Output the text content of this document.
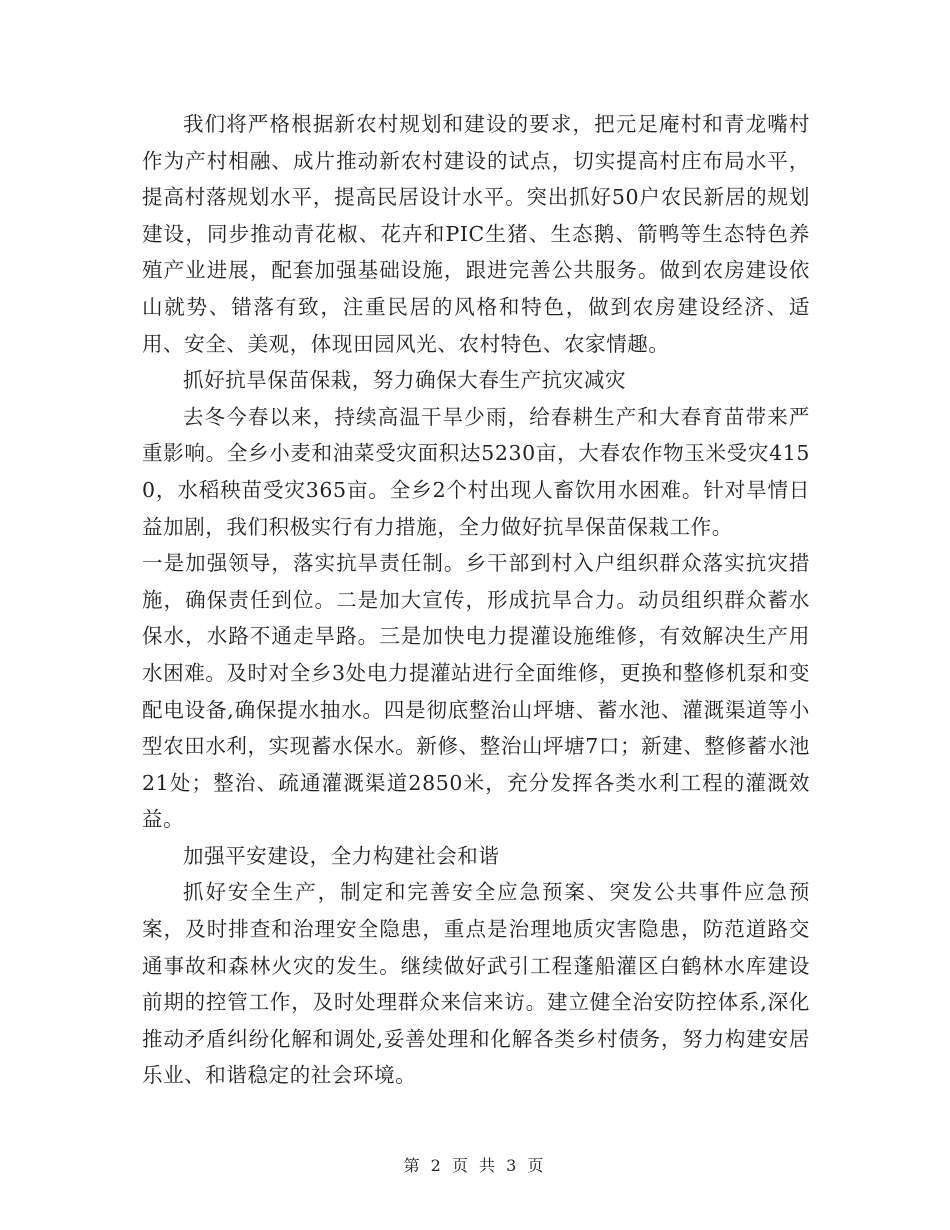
我们将严格根据新农村规划和建设的要求，把元足庵村和青龙嘴村作为产村相融、成片推动新农村建设的试点，切实提高村庄布局水平，提高村落规划水平，提高民居设计水平。突出抓好50户农民新居的规划建设，同步推动青花椒、花卉和PIC生猪、生态鹅、箭鸭等生态特色养殖产业进展，配套加强基础设施，跟进完善公共服务。做到农房建设依山就势、错落有致，注重民居的风格和特色，做到农房建设经济、适用、安全、美观，体现田园风光、农村特色、农家情趣。

抓好抗旱保苗保栽，努力确保大春生产抗灾减灾

去冬今春以来，持续高温干旱少雨，给春耕生产和大春育苗带来严重影响。全乡小麦和油菜受灾面积达5230亩，大春农作物玉米受灾4150，水稻秧苗受灾365亩。全乡2个村出现人畜饮用水困难。针对旱情日益加剧，我们积极实行有力措施，全力做好抗旱保苗保栽工作。

一是加强领导，落实抗旱责任制。乡干部到村入户组织群众落实抗灾措施，确保责任到位。二是加大宣传，形成抗旱合力。动员组织群众蓄水保水，水路不通走旱路。三是加快电力提灌设施维修，有效解决生产用水困难。及时对全乡3处电力提灌站进行全面维修，更换和整修机泵和变配电设备,确保提水抽水。四是彻底整治山坪塘、蓄水池、灌溉渠道等小型农田水利，实现蓄水保水。新修、整治山坪塘7口；新建、整修蓄水池21处；整治、疏通灌溉渠道2850米，充分发挥各类水利工程的灌溉效益。

加强平安建设，全力构建社会和谐

抓好安全生产，制定和完善安全应急预案、突发公共事件应急预案，及时排查和治理安全隐患，重点是治理地质灾害隐患，防范道路交通事故和森林火灾的发生。继续做好武引工程蓬船灌区白鹤林水库建设前期的控管工作，及时处理群众来信来访。建立健全治安防控体系,深化推动矛盾纠纷化解和调处,妥善处理和化解各类乡村债务，努力构建安居乐业、和谐稳定的社会环境。

第 2 页 共 3 页
